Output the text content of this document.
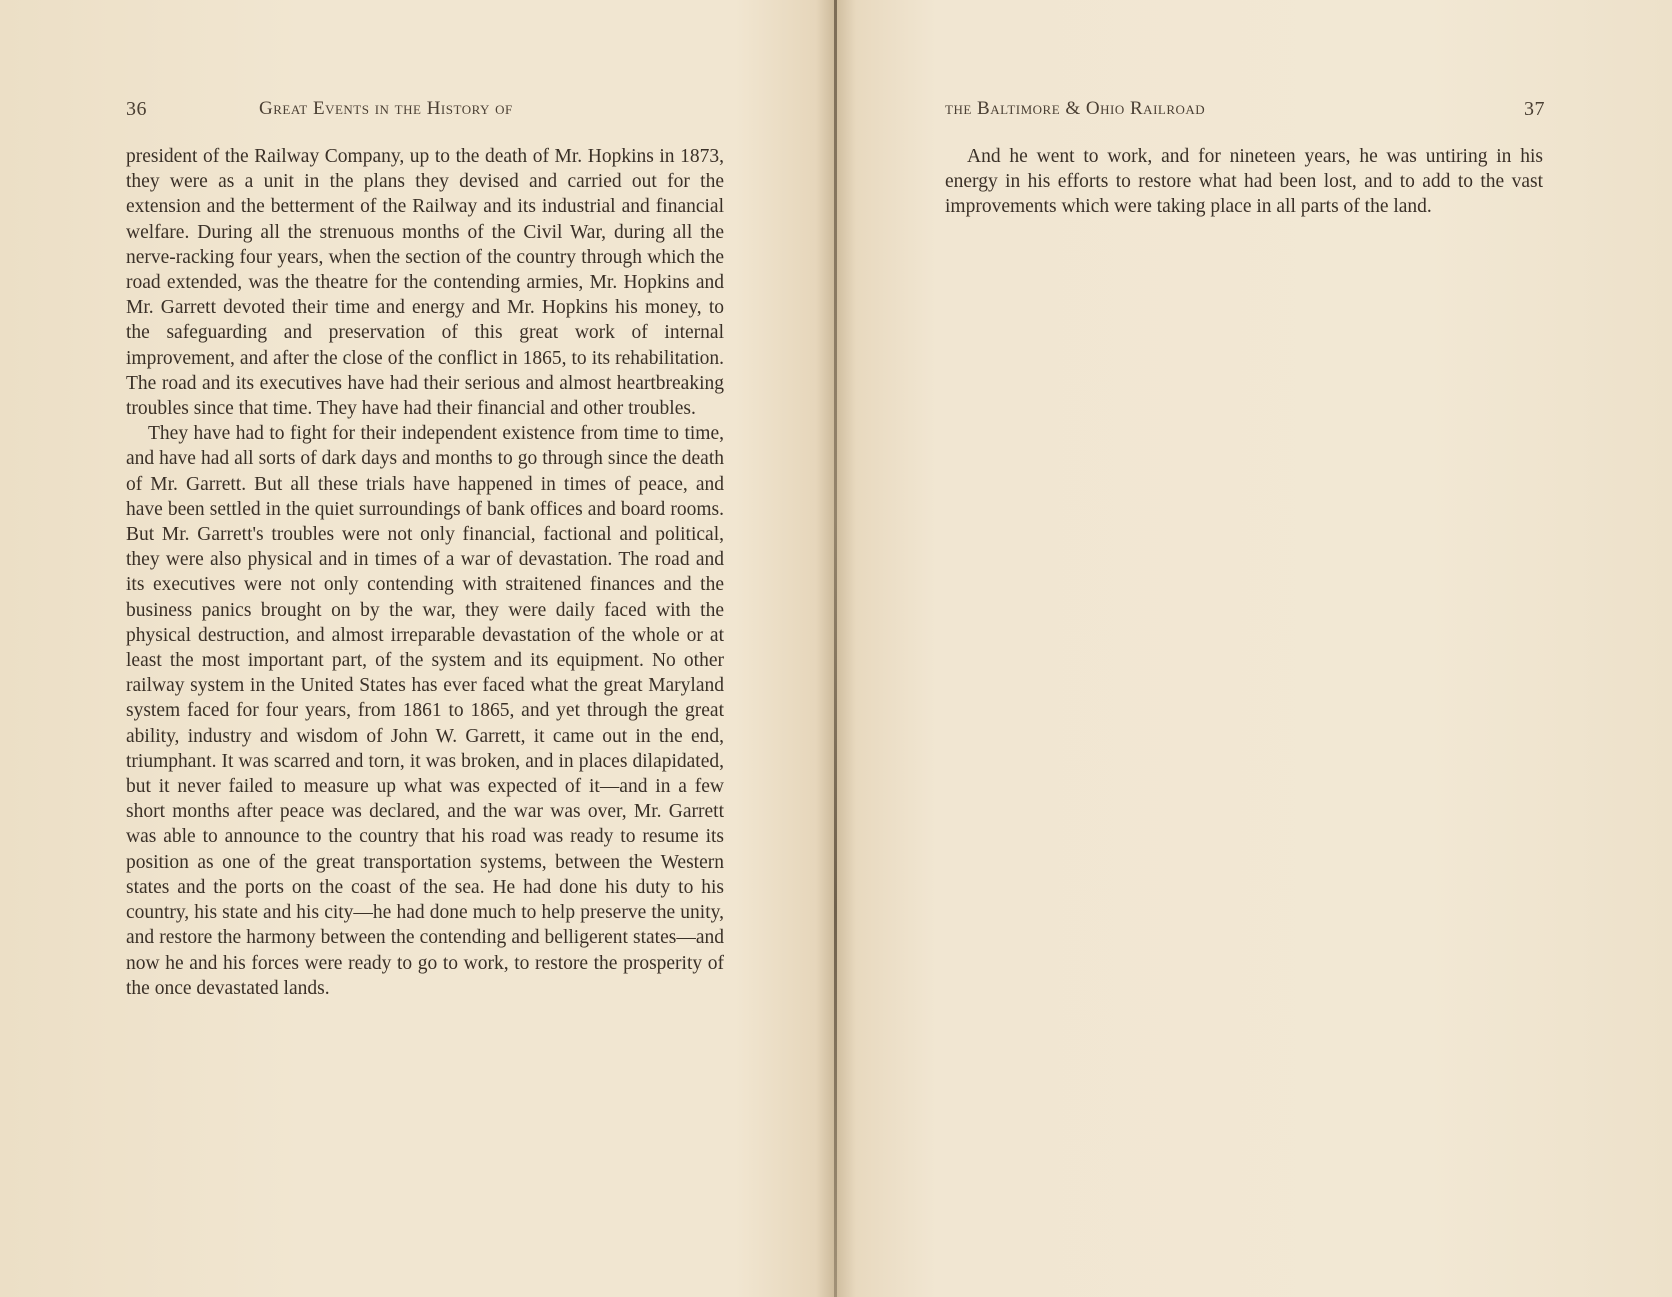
36	Great Events in the History of

president of the Railway Company, up to the death of Mr. Hopkins in 1873, they were as a unit in the plans they devised and carried out for the extension and the betterment of the Railway and its industrial and financial welfare. During all the strenuous months of the Civil War, during all the nerve-racking four years, when the section of the country through which the road extended, was the theatre for the contending armies, Mr. Hopkins and Mr. Garrett devoted their time and energy and Mr. Hopkins his money, to the safeguarding and preservation of this great work of internal improvement, and after the close of the conflict in 1865, to its rehabilitation. The road and its executives have had their serious and almost heartbreaking troubles since that time. They have had their financial and other troubles.

They have had to fight for their independent existence from time to time, and have had all sorts of dark days and months to go through since the death of Mr. Garrett. But all these trials have happened in times of peace, and have been settled in the quiet surroundings of bank offices and board rooms. But Mr. Garrett's troubles were not only financial, factional and political, they were also physical and in times of a war of devastation. The road and its executives were not only contending with straitened finances and the business panics brought on by the war, they were daily faced with the physical destruction, and almost irreparable devastation of the whole or at least the most important part, of the system and its equipment. No other railway system in the United States has ever faced what the great Maryland system faced for four years, from 1861 to 1865, and yet through the great ability, industry and wisdom of John W. Garrett, it came out in the end, triumphant. It was scarred and torn, it was broken, and in places dilapidated, but it never failed to measure up what was expected of it—and in a few short months after peace was declared, and the war was over, Mr. Garrett was able to announce to the country that his road was ready to resume its position as one of the great transportation systems, between the Western states and the ports on the coast of the sea. He had done his duty to his country, his state and his city—he had done much to help preserve the unity, and restore the harmony between the contending and belligerent states—and now he and his forces were ready to go to work, to restore the prosperity of the once devastated lands.

the Baltimore & Ohio Railroad	37

And he went to work, and for nineteen years, he was untiring in his energy in his efforts to restore what had been lost, and to add to the vast improvements which were taking place in all parts of the land.
